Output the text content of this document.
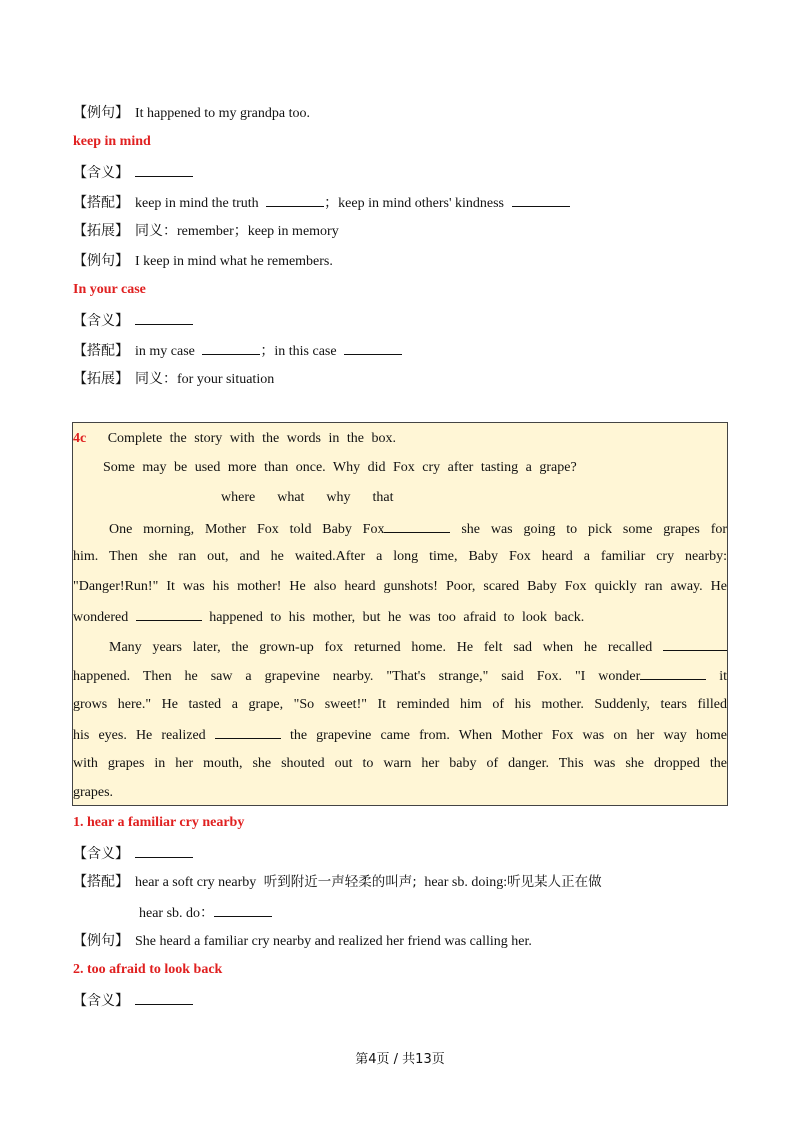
【例句】 It happened to my grandpa too.
keep in mind
【含义】
【搭配】 keep in mind the truth	；keep in mind others' kindness
【拓展】 同义：remember；keep in memory
【例句】 I keep in mind what he remembers.
In your case
【含义】
【搭配】 in my case	；in this case
【拓展】 同义：for your situation
4c Complete the story with the words in the box.
Some may be used more than once. Why did Fox cry after tasting a grape?
where what why that
One morning, Mother Fox told Baby Fox	she was going to pick some grapes for
him. Then she ran out, and he waited.After a long time, Baby Fox heard a familiar cry nearby:
"Danger!Run!" It was his mother! He also heard gunshots! Poor, scared Baby Fox quickly ran away. He
wondered	happened to his mother, but he was too afraid to look back.
Many years later, the grown-up fox returned home. He felt sad when he recalled
happened. Then he saw a grapevine nearby. "That's strange," said Fox. "I wonder	it
grows here." He tasted a grape, "So sweet!" It reminded him of his mother. Suddenly, tears filled
his eyes. He realized	the grapevine came from. When Mother Fox was on her way home
with grapes in her mouth, she shouted out to warn her baby of danger. This was she dropped the
grapes.
1. hear a familiar cry nearby
【含义】
【搭配】 hear a soft cry nearby 听到附近一声轻柔的叫声; hear sb. doing:听见某人正在做
hear sb. do：
【例句】 She heard a familiar cry nearby and realized her friend was calling her.
2. too afraid to look back
【含义】
第4页 / 共13页
